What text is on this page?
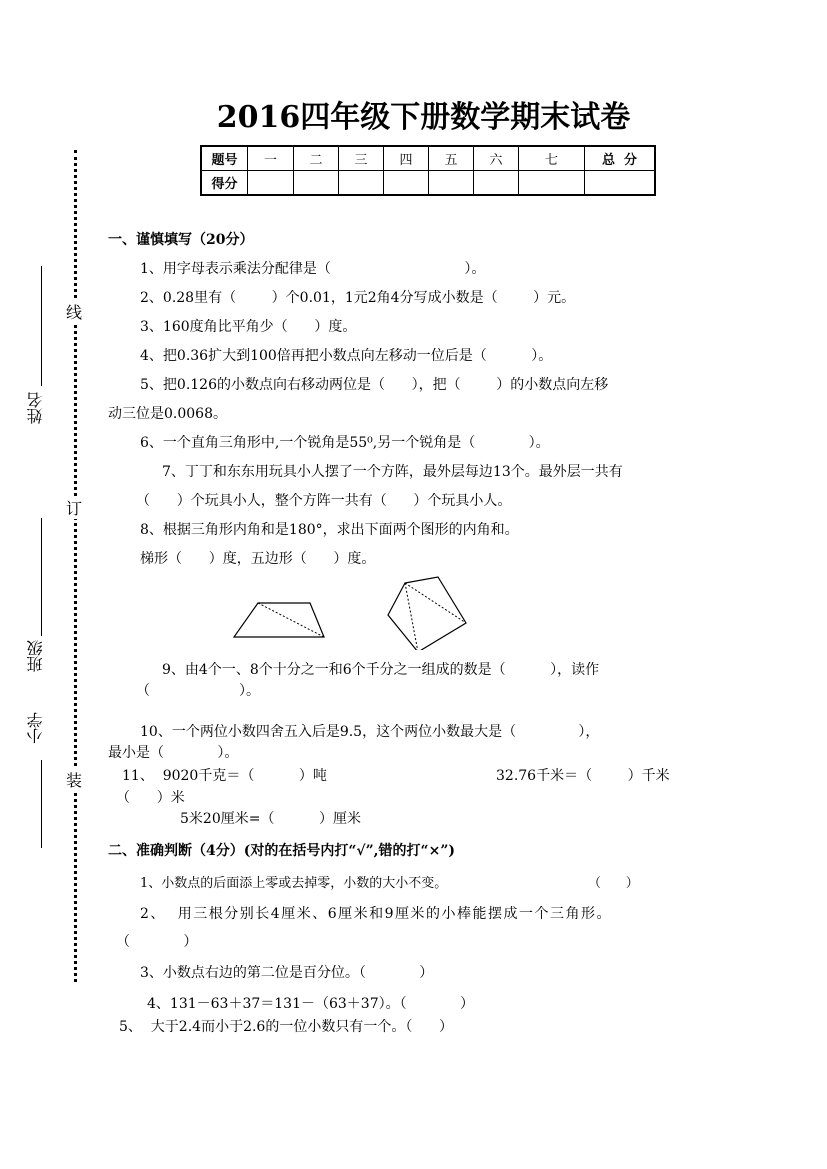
线
订
装
姓名
班级
小学
2016四年级下册数学期末试卷
题号	一	二	三	四	五	六	七	总  分
得分								
一、谨慎填写（20分）
1、用字母表示乘法分配律是（                              ）。
2、0.28里有（        ）个0.01，1元2角4分写成小数是（        ）元。
3、160度角比平角少（      ）度。
4、把0.36扩大到100倍再把小数点向左移动一位后是（          ）。
5、把0.126的小数点向右移动两位是（      ），把（        ）的小数点向左移
动三位是0.0068。
6、一个直角三角形中,一个锐角是55⁰,另一个锐角是（            ）。
7、丁丁和东东用玩具小人摆了一个方阵，最外层每边13个。最外层一共有
（      ）个玩具小人，整个方阵一共有（      ）个玩具小人。
8、根据三角形内角和是180°，求出下面两个图形的内角和。
梯形（      ）度，五边形（      ）度。
9、由4个一、8个十分之一和6个千分之一组成的数是（          ），读作
（                    ）。
10、一个两位小数四舍五入后是9.5，这个两位小数最大是（              ），
最小是（            ）。
11、  9020千克＝（          ）吨	32.76千米＝（        ）千米
（      ）米
5米20厘米=（          ）厘米
二、准确判断（4分）(对的在括号内打“√”,错的打“×”)
1、小数点的后面添上零或去掉零，小数的大小不变。	（      ）
2、  用三根分别长4厘米、6厘米和9厘米的小棒能摆成一个三角形。
（            ）
3、小数点右边的第二位是百分位。（            ）
4、131－63＋37＝131－（63＋37）。（            ）
5、  大于2.4而小于2.6的一位小数只有一个。（      ）
